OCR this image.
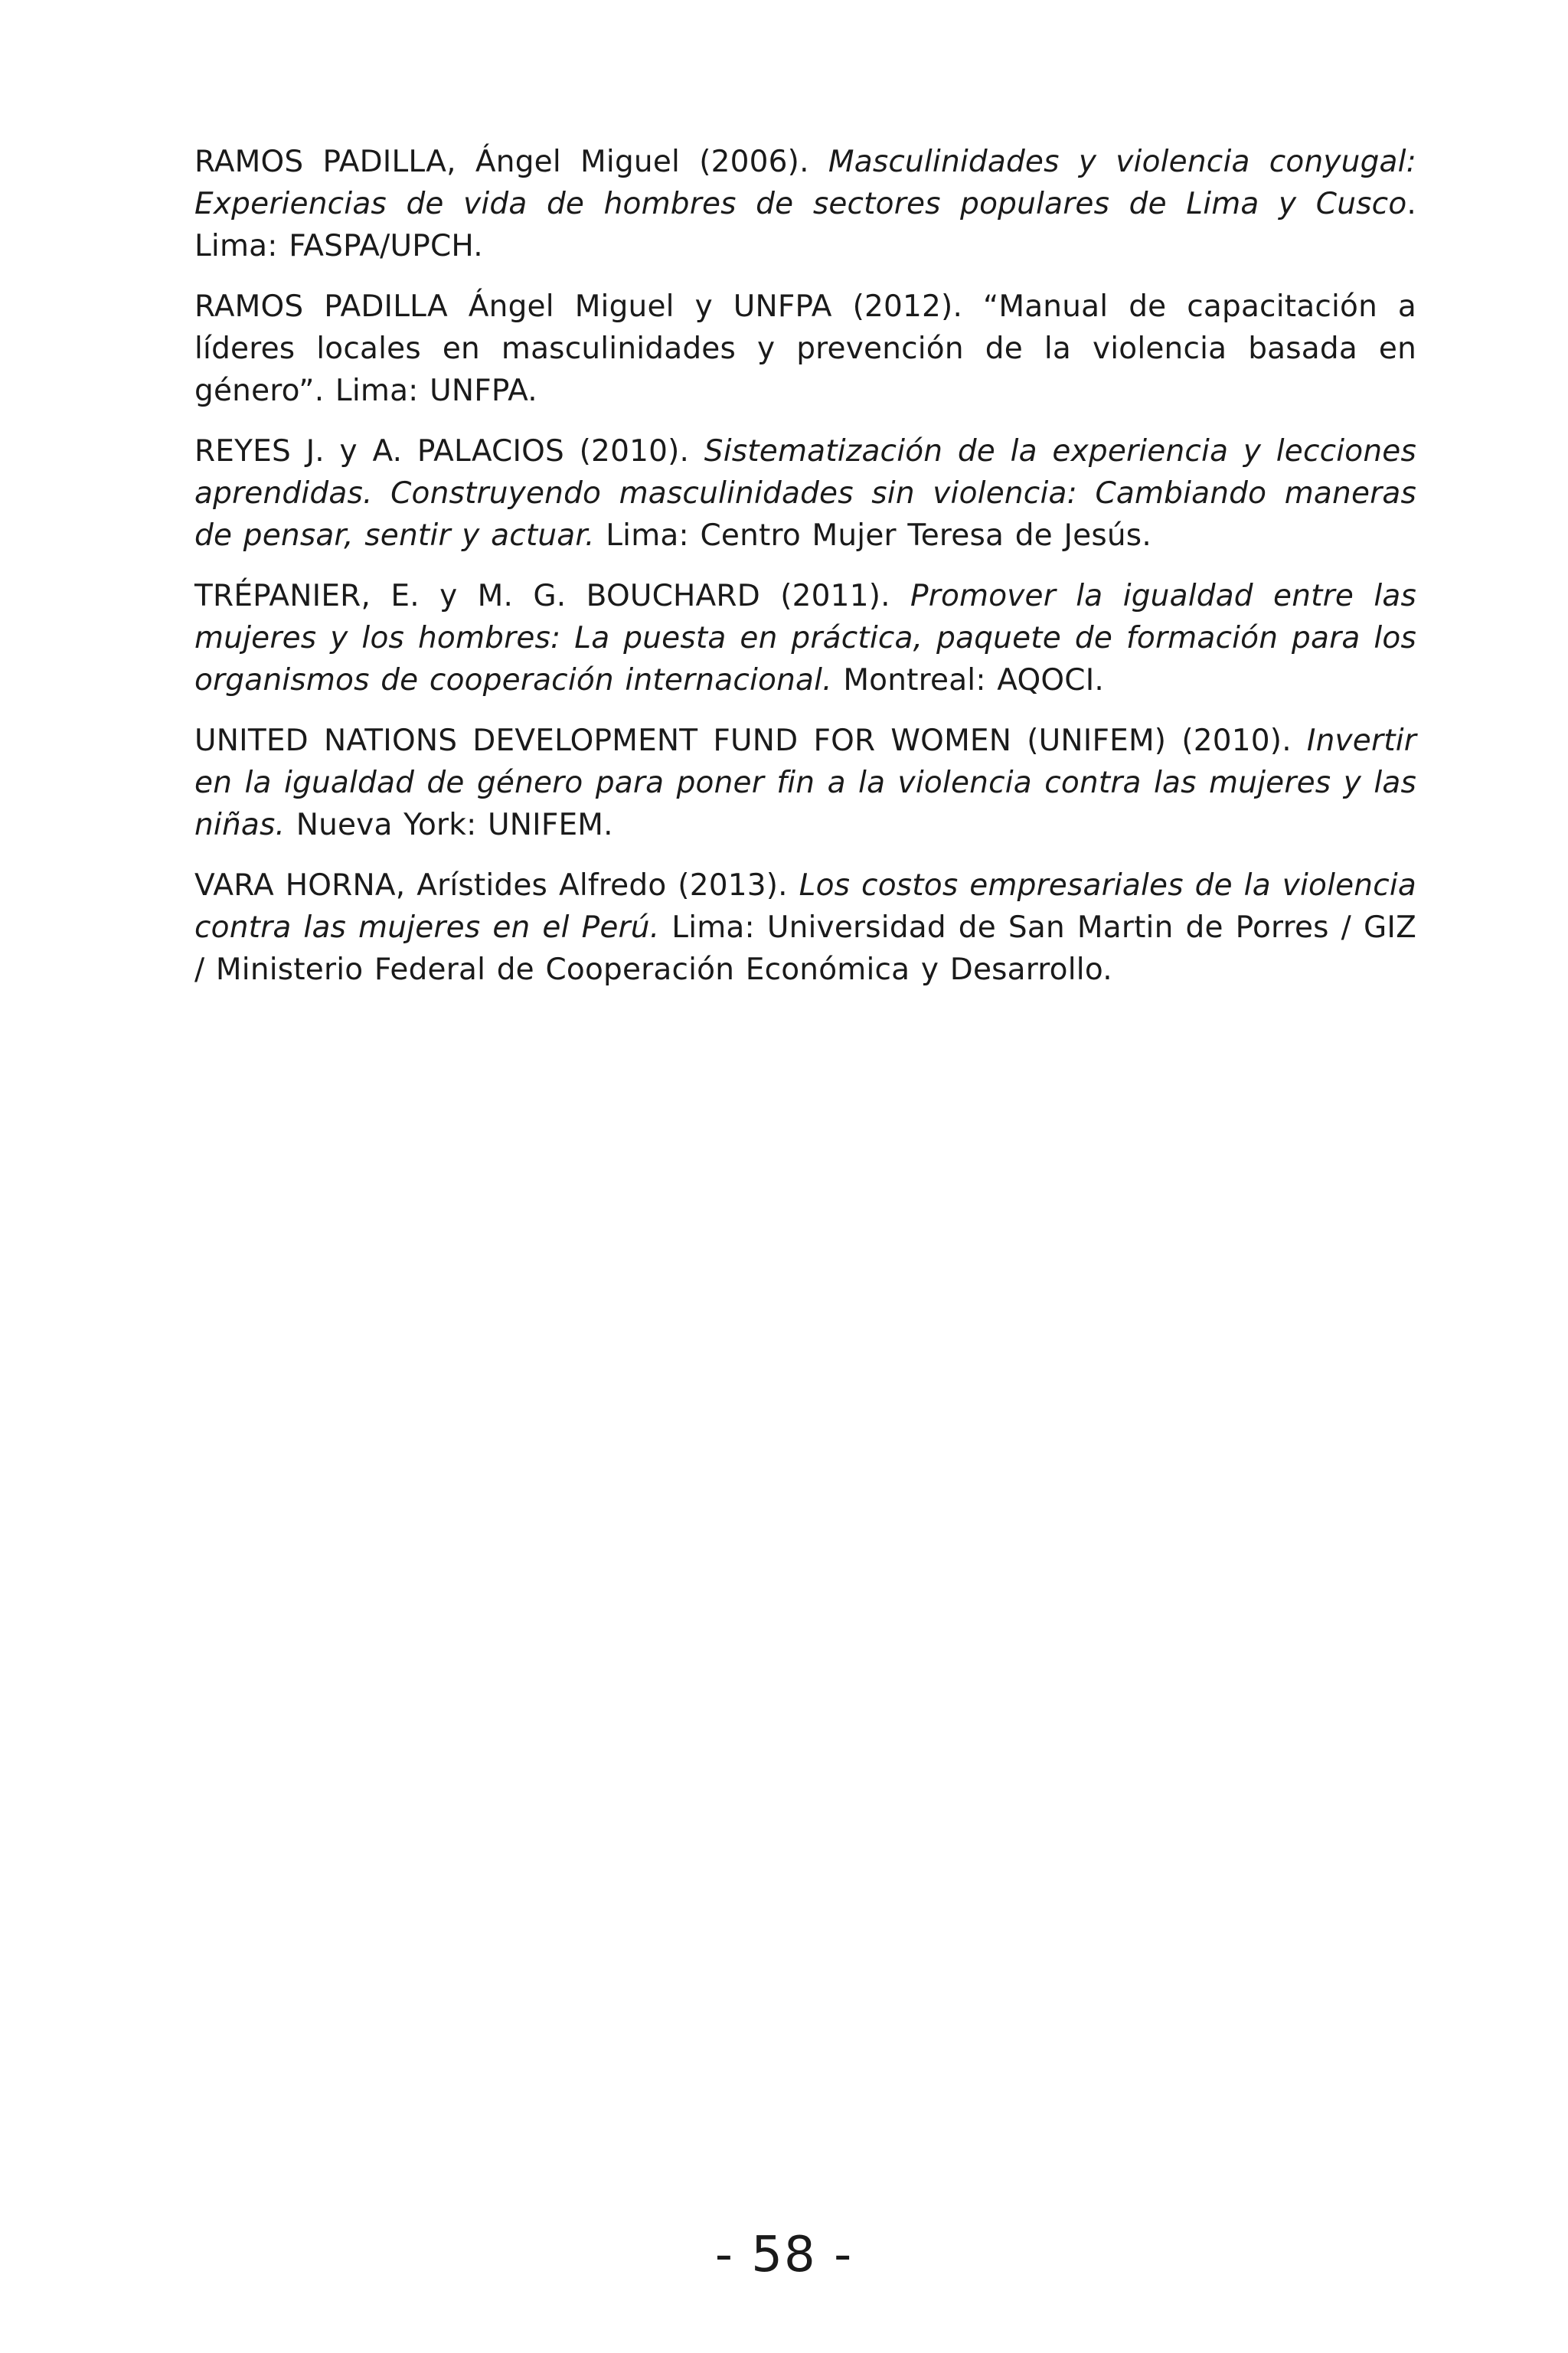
RAMOS PADILLA, Ángel Miguel (2006). Masculinidades y violencia conyugal: Experiencias de vida de hombres de sectores populares de Lima y Cusco. Lima: FASPA/UPCH.

RAMOS PADILLA Ángel Miguel y UNFPA (2012). “Manual de capacitación a líderes locales en masculinidades y prevención de la violencia basada en género”. Lima: UNFPA.

REYES J. y A. PALACIOS (2010). Sistematización de la experiencia y lecciones aprendidas. Construyendo masculinidades sin violencia: Cambiando maneras de pensar, sentir y actuar. Lima: Centro Mujer Teresa de Jesús.

TRÉPANIER, E. y M. G. BOUCHARD (2011). Promover la igualdad entre las mujeres y los hombres: La puesta en práctica, paquete de formación para los organismos de cooperación internacional. Montreal: AQOCI.

UNITED NATIONS DEVELOPMENT FUND FOR WOMEN (UNIFEM) (2010). Invertir en la igualdad de género para poner fin a la violencia contra las mujeres y las niñas. Nueva York: UNIFEM.

VARA HORNA, Arístides Alfredo (2013). Los costos empresariales de la violencia contra las mujeres en el Perú. Lima: Universidad de San Martin de Porres / GIZ / Ministerio Federal de Cooperación Económica y Desarrollo.

- 58 -
